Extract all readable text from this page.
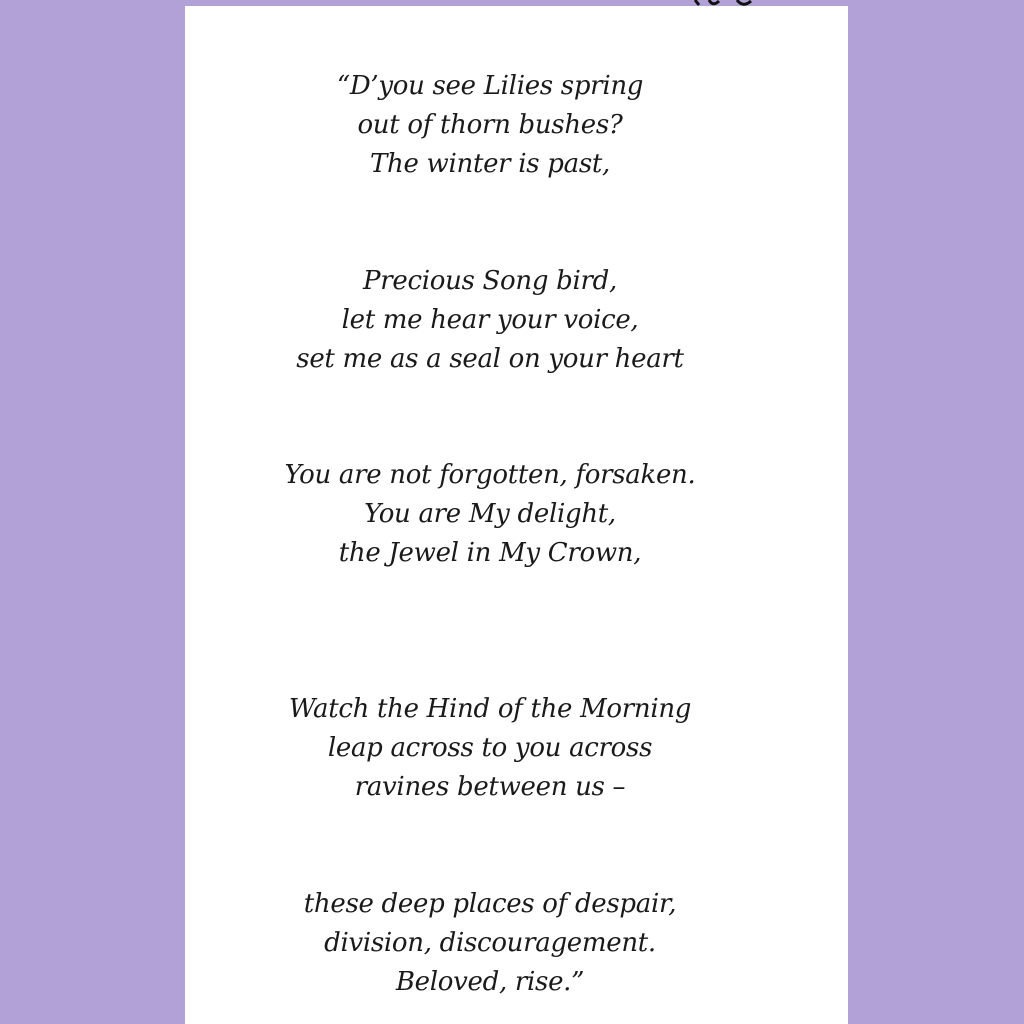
“D’you see Lilies spring
out of thorn bushes?
The winter is past,
Precious Song bird,
let me hear your voice,
set me as a seal on your heart
You are not forgotten, forsaken.
You are My delight,
the Jewel in My Crown,
Watch the Hind of the Morning
leap across to you across
ravines between us –
these deep places of despair,
division, discouragement.
Beloved, rise.”
